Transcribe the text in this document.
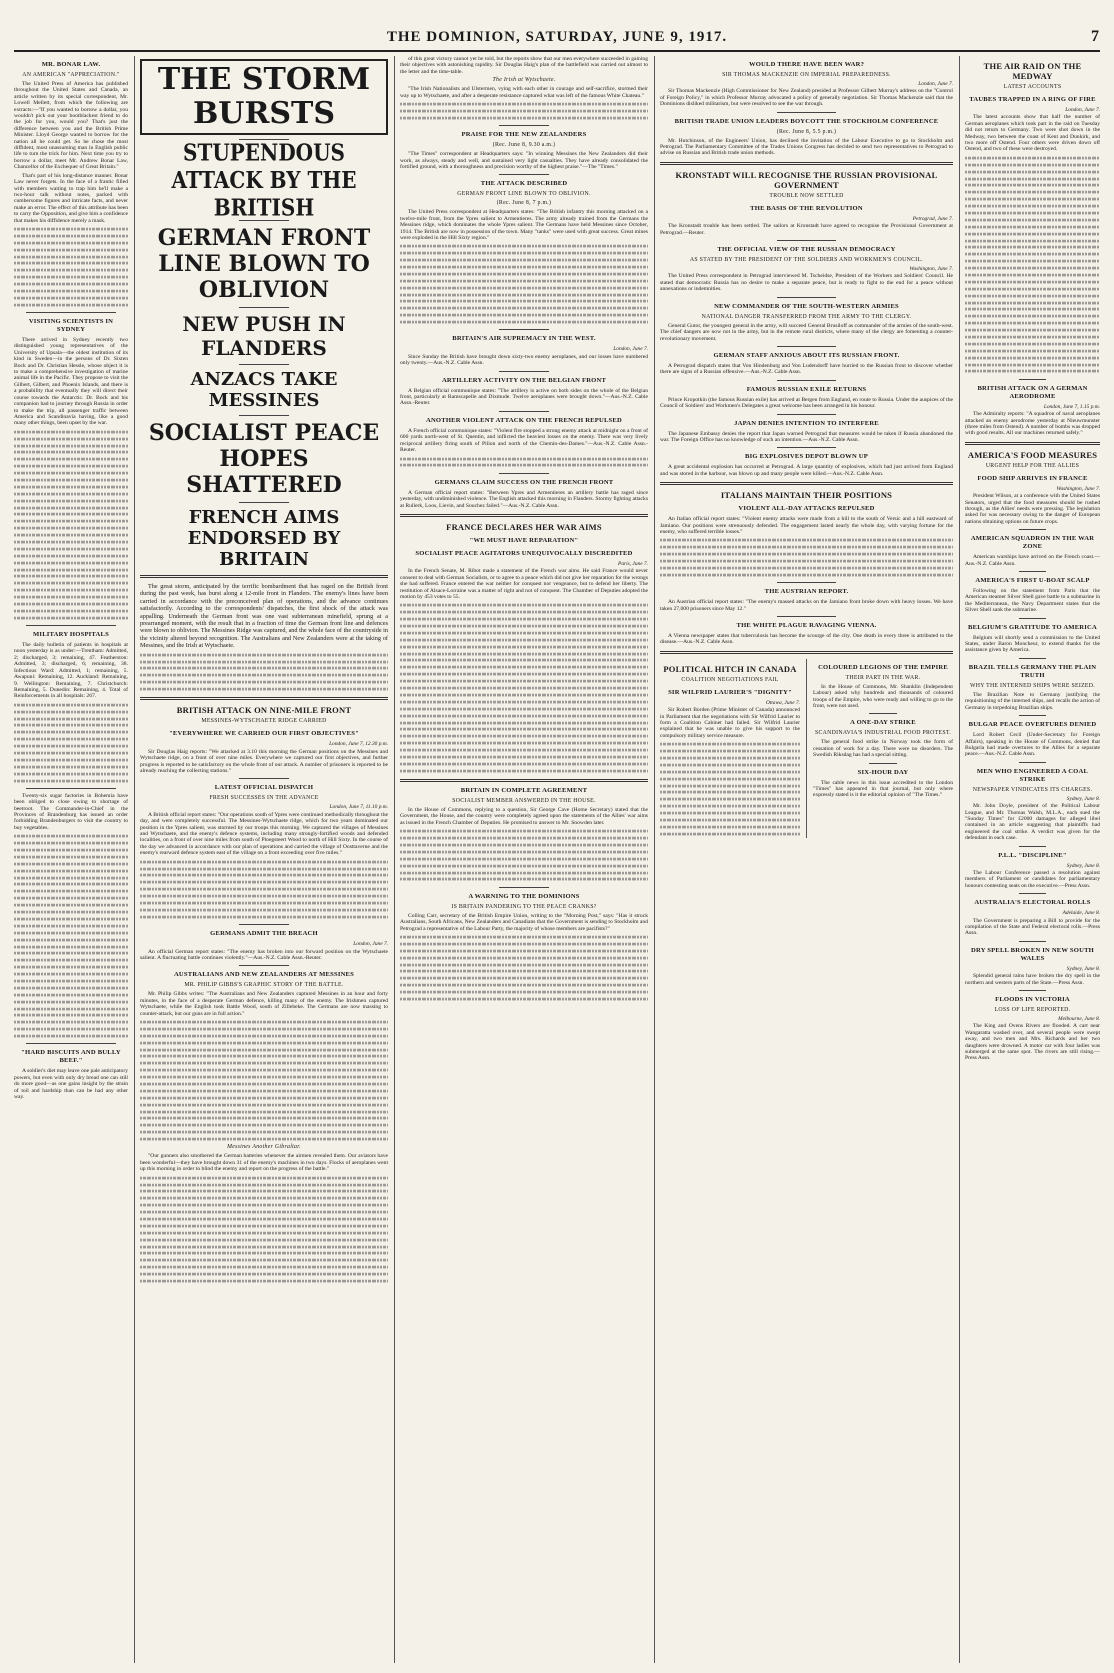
THE DOMINION, SATURDAY, JUNE 9, 1917.	7
MR. BONAR LAW.
AN AMERICAN "APPRECIATION."

The United Press of America has published throughout the United States and Canada, an article written by its special correspondent, Mr. Lowell Mellett, from which the following are extracts:—"If you wanted to borrow a dollar, you wouldn't pick out your bootblackest friend to do the job for you, would you? That's just the difference between you and the British Prime Minister. Lloyd George wanted to borrow for the nation all he could get. So he chose the most diffident, most unassuming man in English public life to turn the trick for him. Next time you try to borrow a dollar, meet Mr. Andrew Bonar Law, Chancellor of the Exchequer of Great Britain."

That's part of his long-distance manner. Bonar Law never forgets. In the face of a frantic filled with members waiting to trap him he'll make a two-hour talk without notes, packed with cumbersome figures and intricate facts, and never make an error. The effect of this attribute has been to carry the Opposition, and give him a confidence that makes his diffidence merely a mask.

VISITING SCIENTISTS IN SYDNEY

There arrived in Sydney recently two distinguished young representatives of the University of Upsala—the oldest institution of its kind in Sweden—in the persons of Dr. Sixten Bock and Dr. Christian Hessle, whose object it is to make a comprehensive investigation of marine animal life in the Pacific. They propose to visit the Gilbert, Gilbert, and Phoenix Islands, and there is a probability that eventually they will direct their course towards the Antarctic. Dr. Bock and his companion had to journey through Russia in order to make the trip, all passenger traffic between America and Scandinavia having, like a good many other things, been upset by the war.

MILITARY HOSPITALS

The daily bulletin of patients in hospitals at noon yesterday is as under:—Trentham: Admitted, 2; discharged, 3; remaining, 47. Featherston: Admitted, 3; discharged, 6; remaining, 38. Infectious Ward: Admitted, 1; remaining, 5. Awapuni: Remaining, 12. Auckland: Remaining, 9. Wellington: Remaining, 7. Christchurch: Remaining, 5. Dunedin: Remaining, 4. Total of Reinforcements in all hospitals: 267.

Twenty-six sugar factories in Bohemia have been obliged to close owing to shortage of beetroot. The Commander-in-Chief in the Provinces of Brandenburg has issued an order forbidding Brandenburgers to visit the country to buy vegetables.

"HARD BISCUITS AND BULLY BEEF."

A soldier's diet may leave one pale anticipatory powers, but even with only dry bread one can still do more good—as one gains insight by the strain of toil and hardship than can be had any other way.

THE STORM BURSTS
STUPENDOUS ATTACK BY THE BRITISH
GERMAN FRONT LINE BLOWN TO OBLIVION
NEW PUSH IN FLANDERS
ANZACS TAKE MESSINES
SOCIALIST PEACE HOPES SHATTERED
FRENCH AIMS ENDORSED BY BRITAIN

The great storm, anticipated by the terrific bombardment that has raged on the British front during the past week, has burst along a 12-mile front in Flanders. The enemy's lines have been carried in accordance with the preconceived plan of operations, and the advance continues satisfactorily. According to the correspondents' dispatches, the first shock of the attack was appalling. Underneath the German front was one vast subterranean minefield, sprung at a prearranged moment, with the result that in a fraction of time the German front line and defences were blown to oblivion. The Messines Ridge was captured, and the whole face of the countryside in the vicinity altered beyond recognition. The Australians and New Zealanders were at the taking of Messines, and the Irish at Wytschaete.

BRITISH ATTACK ON NINE-MILE FRONT
MESSINES-WYTSCHAETE RIDGE CARRIED
"EVERYWHERE WE CARRIED OUR FIRST OBJECTIVES"
London, June 7, 12.30 p.m.

Sir Douglas Haig reports: "We attacked at 3.10 this morning the German positions on the Messines and Wytschaete ridge, on a front of over nine miles. Everywhere we captured our first objectives, and further progress is reported to be satisfactory on the whole front of our attack. A number of prisoners is reported to be already reaching the collecting stations."

LATEST OFFICIAL DISPATCH
FRESH SUCCESSES IN THE ADVANCE
London, June 7, 11.10 p.m.

A British official report states: "Our operations south of Ypres were continued methodically throughout the day, and were completely successful. The Messines-Wytschaete ridge, which for two years dominated our position in the Ypres salient, was stormed by our troops this morning. We captured the villages of Messines and Wytschaete, and the enemy's defence systems, including many strongly-fortified woods and defended localities, on a front of over nine miles from south of Ploegsteert Wood to north of Hill Sixty. In the course of the day we advanced in accordance with our plan of operations and carried the village of Oosttaverne and the enemy's rearward defence system east of the village on a front exceeding over five miles."

GERMANS ADMIT THE BREACH
London, June 7.

An official German report states: "The enemy has broken into our forward position on the Wytschaete salient. A fluctuating battle continues violently."—Aus.-N.Z. Cable Assn.-Reuter.

AUSTRALIANS AND NEW ZEALANDERS AT MESSINES
MR. PHILIP GIBBS'S GRAPHIC STORY OF THE BATTLE.

Mr. Philip Gibbs writes: "The Australians and New Zealanders captured Messines in an hour and forty minutes, in the face of a desperate German defence, killing many of the enemy. The Irishmen captured Wytschaete, while the English took Battle Wood, south of Zillebeke. The Germans are now massing to counter-attack, but our guns are in full action."

Messines Another Gibraltar.

"Our gunners also smothered the German batteries whenever the airmen revealed them. Our aviators have been wonderful—they have brought down 31 of the enemy's machines in two days. Flocks of aeroplanes went up this morning in order to blind the enemy and report on the progress of the battle."

of this great victory cannot yet be told, but the reports show that our men everywhere succeeded in gaining their objectives with astonishing rapidity. Sir Douglas Haig's plan of the battlefield was carried out almost to the letter and the time-table.

The Irish at Wytschaete.

"The Irish Nationalists and Ulstermen, vying with each other in courage and self-sacrifice, stormed their way up to Wytschaete, and after a desperate resistance captured what was left of the famous White Chateau."

PRAISE FOR THE NEW ZEALANDERS
(Rec. June 8, 9.30 a.m.)

"The Times" correspondent at Headquarters says: "In winning Messines the New Zealanders did their work, as always, steady and well, and sustained very light casualties. They have already consolidated the fortified ground, with a thoroughness and precision worthy of the highest praise."—The "Times."

THE ATTACK DESCRIBED
GERMAN FRONT LINE BLOWN TO OBLIVION.
(Rec. June 8, 7 p.m.)

The United Press correspondent at Headquarters states: "The British infantry this morning attacked on a twelve-mile front, from the Ypres salient to Armentieres. The army already trained from the Germans the Messines ridge, which dominates the whole Ypres salient. The Germans have held Messines since October, 1914. The British are now in possession of the town. Many "tanks" were used with great success. Great mines were exploded in the Hill Sixty region."

BRITAIN'S AIR SUPREMACY IN THE WEST.
London, June 7.

Since Sunday the British have brought down sixty-two enemy aeroplanes, and our losses have numbered only twenty.—Aus.-N.Z. Cable Assn.

ARTILLERY ACTIVITY ON THE BELGIAN FRONT

A Belgian official communique states: "The artillery is active on both sides on the whole of the Belgian front, particularly at Ramscapelle and Dixmude. Twelve aeroplanes were brought down."—Aus.-N.Z. Cable Assn.-Reuter.

ANOTHER VIOLENT ATTACK ON THE FRENCH REPULSED

A French official communique states: "Violent fire stopped a strong enemy attack at midnight on a front of 600 yards north-west of St. Quentin, and inflicted the heaviest losses on the enemy. There was very lively reciprocal artillery firing south of Pilion and north of the Chemin-des-Dames."—Aus.-N.Z. Cable Assn.-Reuter.

GERMANS CLAIM SUCCESS ON THE FRENCH FRONT

A German official report states: "Between Ypres and Armentieres an artillery battle has raged since yesterday, with undiminished violence. The English attacked this morning in Flanders. Stormy fighting attacks at Rullerk, Loos, Lievin, and Souchez failed."—Aus.-N.Z. Cable Assn.

FRANCE DECLARES HER WAR AIMS
"WE MUST HAVE REPARATION"
SOCIALIST PEACE AGITATORS UNEQUIVOCALLY DISCREDITED
Paris, June 7.

In the French Senate, M. Ribot made a statement of the French war aims. He said France would never consent to deal with German Socialists, or to agree to a peace which did not give her reparation for the wrongs she had suffered. France entered the war neither for conquest nor vengeance, but to defend her liberty. The restitution of Alsace-Lorraine was a matter of right and not of conquest. The Chamber of Deputies adopted the motion by 453 votes to 55.

BRITAIN IN COMPLETE AGREEMENT
SOCIALIST MEMBER ANSWERED IN THE HOUSE.

In the House of Commons, replying to a question, Sir George Cave (Home Secretary) stated that the Government, the House, and the country were completely agreed upon the statements of the Allies' war aims as issued in the French Chamber of Deputies. He promised to answer to Mr. Snowden later.

A WARNING TO THE DOMINIONS
IS BRITAIN PANDERING TO THE PEACE CRANKS?

Colling Carr, secretary of the British Empire Union, writing to the "Morning Post," says: "Has it struck Australians, South Africans, New Zealanders and Canadians that the Government is sending to Stockholm and Petrograd a representative of the Labour Party, the majority of whose members are pacifists?"

WOULD THERE HAVE BEEN WAR?
SIR THOMAS MACKENZIE ON IMPERIAL PREPAREDNESS.
London, June 7.

Sir Thomas Mackenzie (High Commissioner for New Zealand) presided at Professor Gilbert Murray's address on the "Control of Foreign Policy," in which Professor Murray advocated a policy of generally negotiation. Sir Thomas Mackenzie said that the Dominions disliked militarism, but were resolved to see the war through.

BRITISH TRADE UNION LEADERS BOYCOTT THE STOCKHOLM CONFERENCE
(Rec. June 8, 5.5 p.m.)

Mr. Hutchinson, of the Engineers' Union, has declined the invitation of the Labour Executive to go to Stockholm and Petrograd. The Parliamentary Committee of the Trades Unions Congress has decided to send two representatives to Petrograd to advise on Russian and British trade union methods.

KRONSTADT WILL RECOGNISE THE RUSSIAN PROVISIONAL GOVERNMENT
TROUBLE NOW SETTLED
THE BASIS OF THE REVOLUTION
Petrograd, June 7.

The Kronstadt trouble has been settled. The sailors at Kronstadt have agreed to recognise the Provisional Government at Petrograd.—Reuter.

THE OFFICIAL VIEW OF THE RUSSIAN DEMOCRACY
AS STATED BY THE PRESIDENT OF THE SOLDIERS AND WORKMEN'S COUNCIL.
Washington, June 7.

The United Press correspondent in Petrograd interviewed M. Tscheidse, President of the Workers and Soldiers' Council. He stated that democratic Russia has no desire to make a separate peace, but is ready to fight to the end for a peace without annexations or indemnities.

NEW COMMANDER OF THE SOUTH-WESTERN ARMIES
NATIONAL DANGER TRANSFERRED FROM THE ARMY TO THE CLERGY.

General Gutor, the youngest general in the army, will succeed General Brusiloff as commander of the armies of the south-west. The chief dangers are now not in the army, but in the remote rural districts, where many of the clergy are fomenting a counter-revolutionary movement.

GERMAN STAFF ANXIOUS ABOUT ITS RUSSIAN FRONT.

A Petrograd dispatch states that Von Hindenburg and Von Ludendorff have hurried to the Russian front to discover whether there are signs of a Russian offensive.—Aus.-N.Z. Cable Assn.

FAMOUS RUSSIAN EXILE RETURNS

Prince Kropotkin (the famous Russian exile) has arrived at Bergen from England, en route to Russia. Under the auspices of the Council of Soldiers' and Workmen's Delegates a great welcome has been arranged in his honour.

JAPAN DENIES INTENTION TO INTERFERE

The Japanese Embassy denies the report that Japan warned Petrograd that measures would be taken if Russia abandoned the war. The Foreign Office has no knowledge of such an intention.—Aus.-N.Z. Cable Assn.

BIG EXPLOSIVES DEPOT BLOWN UP

A great accidental explosion has occurred at Petrograd. A large quantity of explosives, which had just arrived from England and was stored in the harbour, was blown up and many people were killed.—Aus.-N.Z. Cable Assn.

ITALIANS MAINTAIN THEIR POSITIONS
VIOLENT ALL-DAY ATTACKS REPULSED

An Italian official report states: "Violent enemy attacks were made from a hill to the south of Versic and a hill eastward of Jamiano. Our positions were strenuously defended. The engagement lasted nearly the whole day, with varying fortune for the enemy, who suffered terrible losses."

THE AUSTRIAN REPORT.

An Austrian official report states: "The enemy's massed attacks on the Jamiano front broke down with heavy losses. We have taken 27,000 prisoners since May 12."

THE WHITE PLAGUE RAVAGING VIENNA.

A Vienna newspaper states that tuberculosis has become the scourge of the city. One death in every three is attributed to the disease.—Aus.-N.Z. Cable Assn.

POLITICAL HITCH IN CANADA
COALITION NEGOTIATIONS FAIL
SIR WILFRID LAURIER'S "DIGNITY"
Ottawa, June 7.

Sir Robert Borden (Prime Minister of Canada) announced in Parliament that the negotiations with Sir Wilfrid Laurier to form a Coalition Cabinet had failed. Sir Wilfrid Laurier explained that he was unable to give his support to the compulsory military service measure.

COLOURED LEGIONS OF THE EMPIRE
THEIR PART IN THE WAR.

In the House of Commons, Mr. Shanklin (Independent Labour) asked why hundreds and thousands of coloured troops of the Empire, who were ready and willing to go to the front, were not used.

A ONE-DAY STRIKE
SCANDINAVIA'S INDUSTRIAL FOOD PROTEST.

The general food strike in Norway took the form of cessation of work for a day. There were no disorders. The Swedish Riksdag has had a special sitting.

SIX-HOUR DAY

The cable news in this issue accredited to the London "Times" has appeared in that journal, but only where expressly stated is it the editorial opinion of "The Times."

THE AIR RAID ON THE MEDWAY
LATEST ACCOUNTS
TAUBES TRAPPED IN A RING OF FIRE
London, June 7.

The latest accounts show that half the number of German aeroplanes which took part in the raid on Tuesday did not return to Germany. Two were shot down in the Medway, two between the coast of Kent and Dunkirk, and two more off Ostend. Four others were driven down off Ostend, and two of these were destroyed.

BRITISH ATTACK ON A GERMAN AERODROME
London, June 7, 1.15 p.m.

The Admiralty reports: "A squadron of naval aeroplanes attacked an enemy aerodrome yesterday at Nieuwmunster (three miles from Ostend). A number of bombs was dropped with good results. All our machines returned safely."

AMERICA'S FOOD MEASURES
URGENT HELP FOR THE ALLIES
FOOD SHIP ARRIVES IN FRANCE
Washington, June 7.

President Wilson, at a conference with the United States Senators, urged that the food measures should be rushed through, as the Allies' needs were pressing. The legislation asked for was necessary owing to the danger of European nations obtaining options on future crops.

AMERICAN SQUADRON IN THE WAR ZONE

American warships have arrived on the French coast.—Aus.-N.Z. Cable Assn.

AMERICA'S FIRST U-BOAT SCALP

Following on the statement from Paris that the American steamer Silver Shell gave battle to a submarine in the Mediterranean, the Navy Department states that the Silver Shell sank the submarine.

BELGIUM'S GRATITUDE TO AMERICA

Belgium will shortly send a commission to the United States, under Baron Moncheur, to extend thanks for the assistance given by America.

BRAZIL TELLS GERMANY THE PLAIN TRUTH
WHY THE INTERNED SHIPS WERE SEIZED.

The Brazilian Note to Germany justifying the requisitioning of the interned ships, and recalls the action of Germany in torpedoing Brazilian ships.

BULGAR PEACE OVERTURES DENIED

Lord Robert Cecil (Under-Secretary for Foreign Affairs), speaking in the House of Commons, denied that Bulgaria had made overtures to the Allies for a separate peace.—Aus.-N.Z. Cable Assn.

MEN WHO ENGINEERED A COAL STRIKE
NEWSPAPER VINDICATES ITS CHARGES.
Sydney, June 8.

Mr. John Doyle, president of the Political Labour League, and Mr. Thomas Walsh, M.L.A., each sued the "Sunday Times" for £2000 damages for alleged libel contained in an article suggesting that plaintiffs had engineered the coal strike. A verdict was given for the defendant in each case.

P.L.L. "DISCIPLINE"
Sydney, June 8.

The Labour Conference passed a resolution against members of Parliament or candidates for parliamentary honours contesting seats on the executive.—Press Assn.

AUSTRALIA'S ELECTORAL ROLLS
Adelaide, June 8.

The Government is preparing a Bill to provide for the compilation of the State and Federal electoral rolls.—Press Assn.

DRY SPELL BROKEN IN NEW SOUTH WALES
Sydney, June 8.

Splendid general rains have broken the dry spell in the northern and western parts of the State.—Press Assn.

FLOODS IN VICTORIA
LOSS OF LIFE REPORTED.
Melbourne, June 8.

The King and Ovens Rivers are flooded. A cart near Wangaratta washed over, and several people were swept away, and two men and Mrs. Richards and her two daughters were drowned. A motor car with four ladies was submerged at the same spot. The rivers are still rising.—Press Assn.
